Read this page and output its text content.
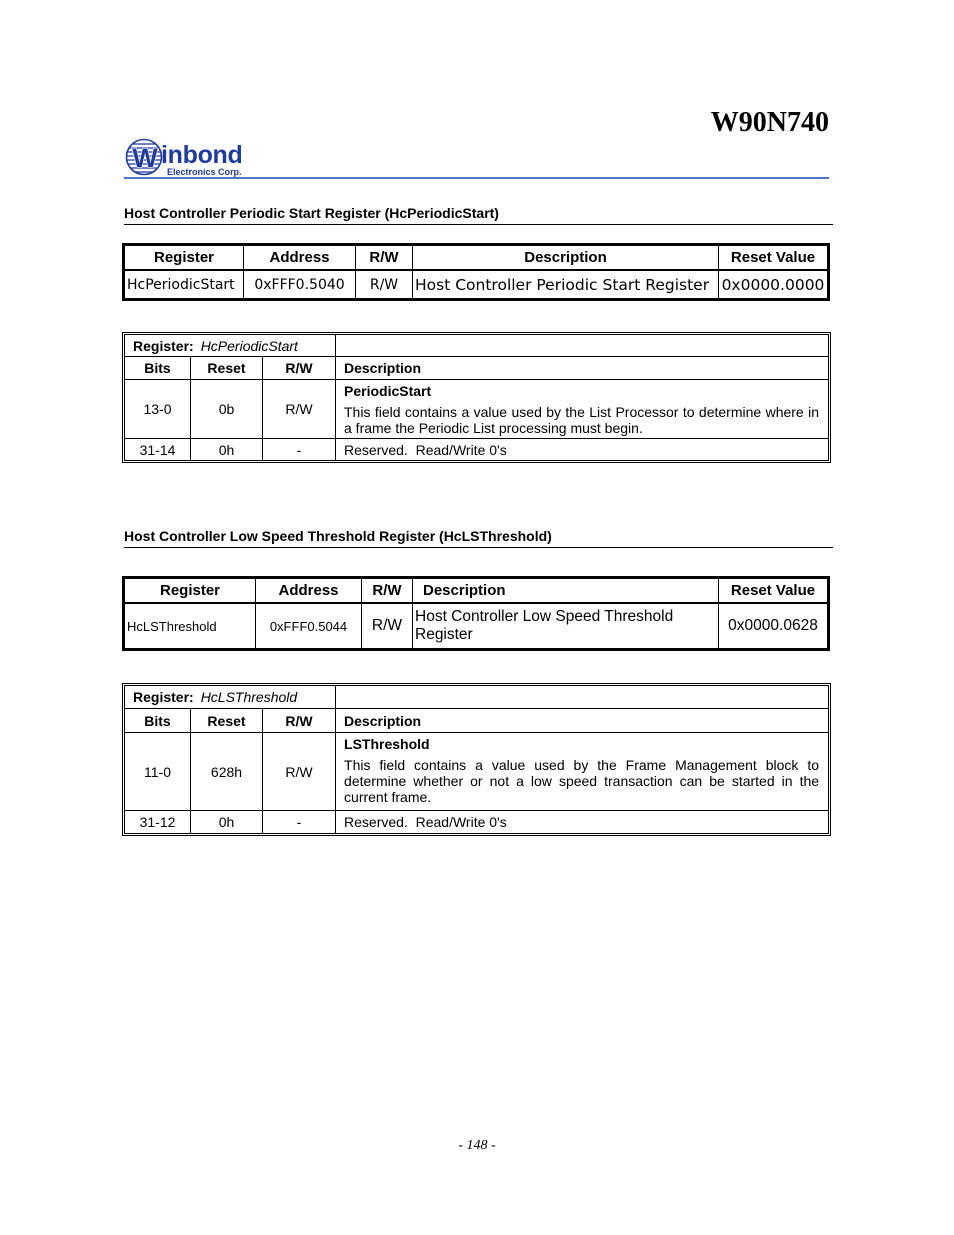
W90N740
W inbond
Electronics Corp.
Host Controller Periodic Start Register (HcPeriodicStart)
Register	Address	R/W	Description	Reset Value
HcPeriodicStart	0xFFF0.5040	R/W	Host Controller Periodic Start Register	0x0000.0000
Register: HcPeriodicStart			
Bits	Reset	R/W	Description
13-0	0b	R/W	PeriodicStart
This field contains a value used by the List Processor to determine where in a frame the Periodic List processing must begin.

31-14	0h	-	Reserved.  Read/Write 0's
Host Controller Low Speed Threshold Register (HcLSThreshold)
Register	Address	R/W	Description	Reset Value
HcLSThreshold	0xFFF0.5044	R/W	Host Controller Low Speed Threshold Register	0x0000.0628
Register: HcLSThreshold			
Bits	Reset	R/W	Description
11-0	628h	R/W	LSThreshold
This field contains a value used by the Frame Management block to determine whether or not a low speed transaction can be started in the current frame.

31-12	0h	-	Reserved.  Read/Write 0's
- 148 -
